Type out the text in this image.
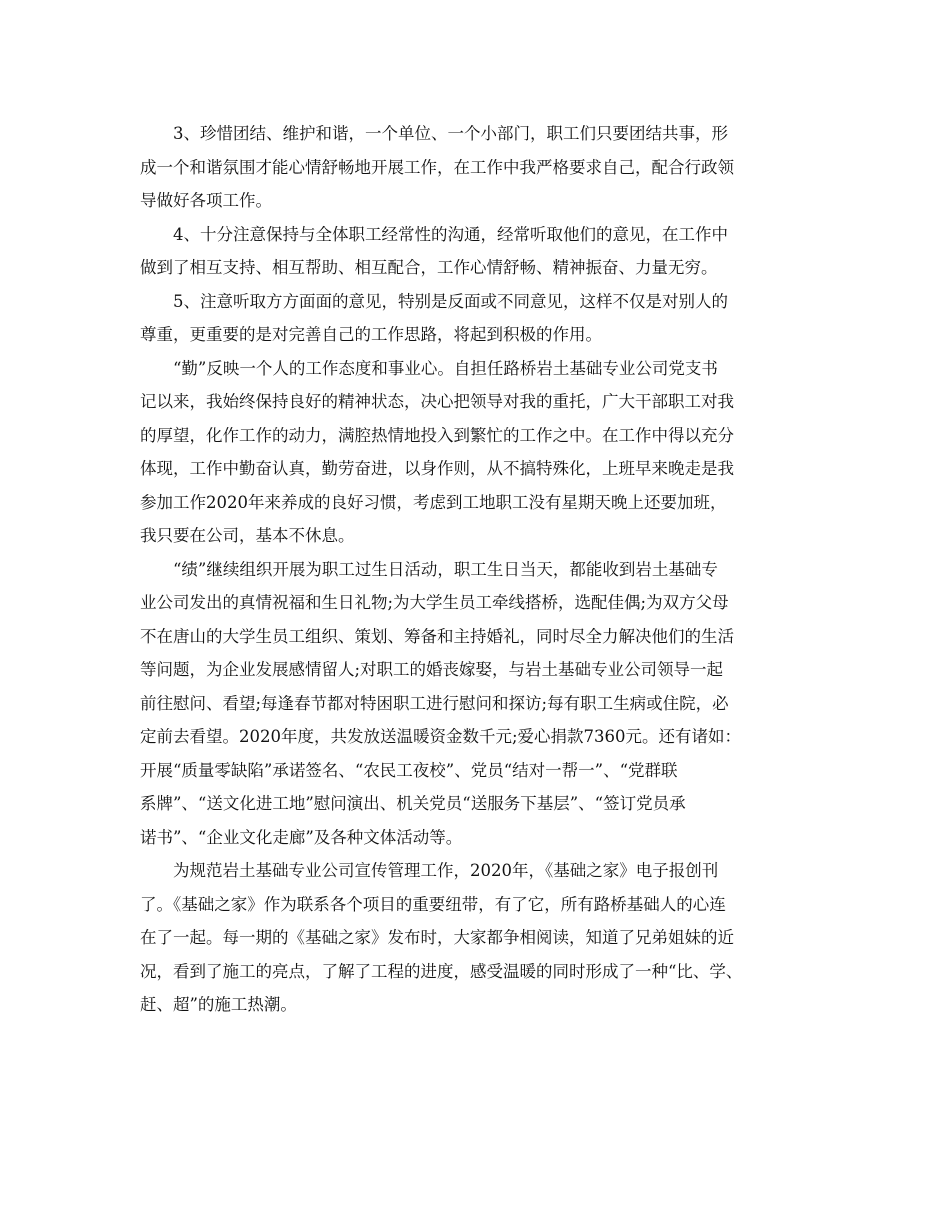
3、珍惜团结、维护和谐，一个单位、一个小部门，职工们只要团结共事，形
成一个和谐氛围才能心情舒畅地开展工作，在工作中我严格要求自己，配合行政领
导做好各项工作。
4、十分注意保持与全体职工经常性的沟通，经常听取他们的意见，在工作中
做到了相互支持、相互帮助、相互配合，工作心情舒畅、精神振奋、力量无穷。
5、注意听取方方面面的意见，特别是反面或不同意见，这样不仅是对别人的
尊重，更重要的是对完善自己的工作思路，将起到积极的作用。
“勤”反映一个人的工作态度和事业心。自担任路桥岩土基础专业公司党支书
记以来，我始终保持良好的精神状态，决心把领导对我的重托，广大干部职工对我
的厚望，化作工作的动力，满腔热情地投入到繁忙的工作之中。在工作中得以充分
体现，工作中勤奋认真，勤劳奋进，以身作则，从不搞特殊化，上班早来晚走是我
参加工作2020年来养成的良好习惯，考虑到工地职工没有星期天晚上还要加班，
我只要在公司，基本不休息。
“绩”继续组织开展为职工过生日活动，职工生日当天，都能收到岩土基础专
业公司发出的真情祝福和生日礼物;为大学生员工牵线搭桥，选配佳偶;为双方父母
不在唐山的大学生员工组织、策划、筹备和主持婚礼，同时尽全力解决他们的生活
等问题，为企业发展感情留人;对职工的婚丧嫁娶，与岩土基础专业公司领导一起
前往慰问、看望;每逢春节都对特困职工进行慰问和探访;每有职工生病或住院，必
定前去看望。2020年度，共发放送温暖资金数千元;爱心捐款7360元。还有诸如：
开展“质量零缺陷”承诺签名、“农民工夜校”、党员“结对一帮一”、“党群联
系牌”、“送文化进工地”慰问演出、机关党员“送服务下基层”、“签订党员承
诺书”、“企业文化走廊”及各种文体活动等。
为规范岩土基础专业公司宣传管理工作，2020年，《基础之家》电子报创刊
了。《基础之家》作为联系各个项目的重要纽带，有了它，所有路桥基础人的心连
在了一起。每一期的《基础之家》发布时，大家都争相阅读，知道了兄弟姐妹的近
况，看到了施工的亮点，了解了工程的进度，感受温暖的同时形成了一种“比、学、
赶、超”的施工热潮。
